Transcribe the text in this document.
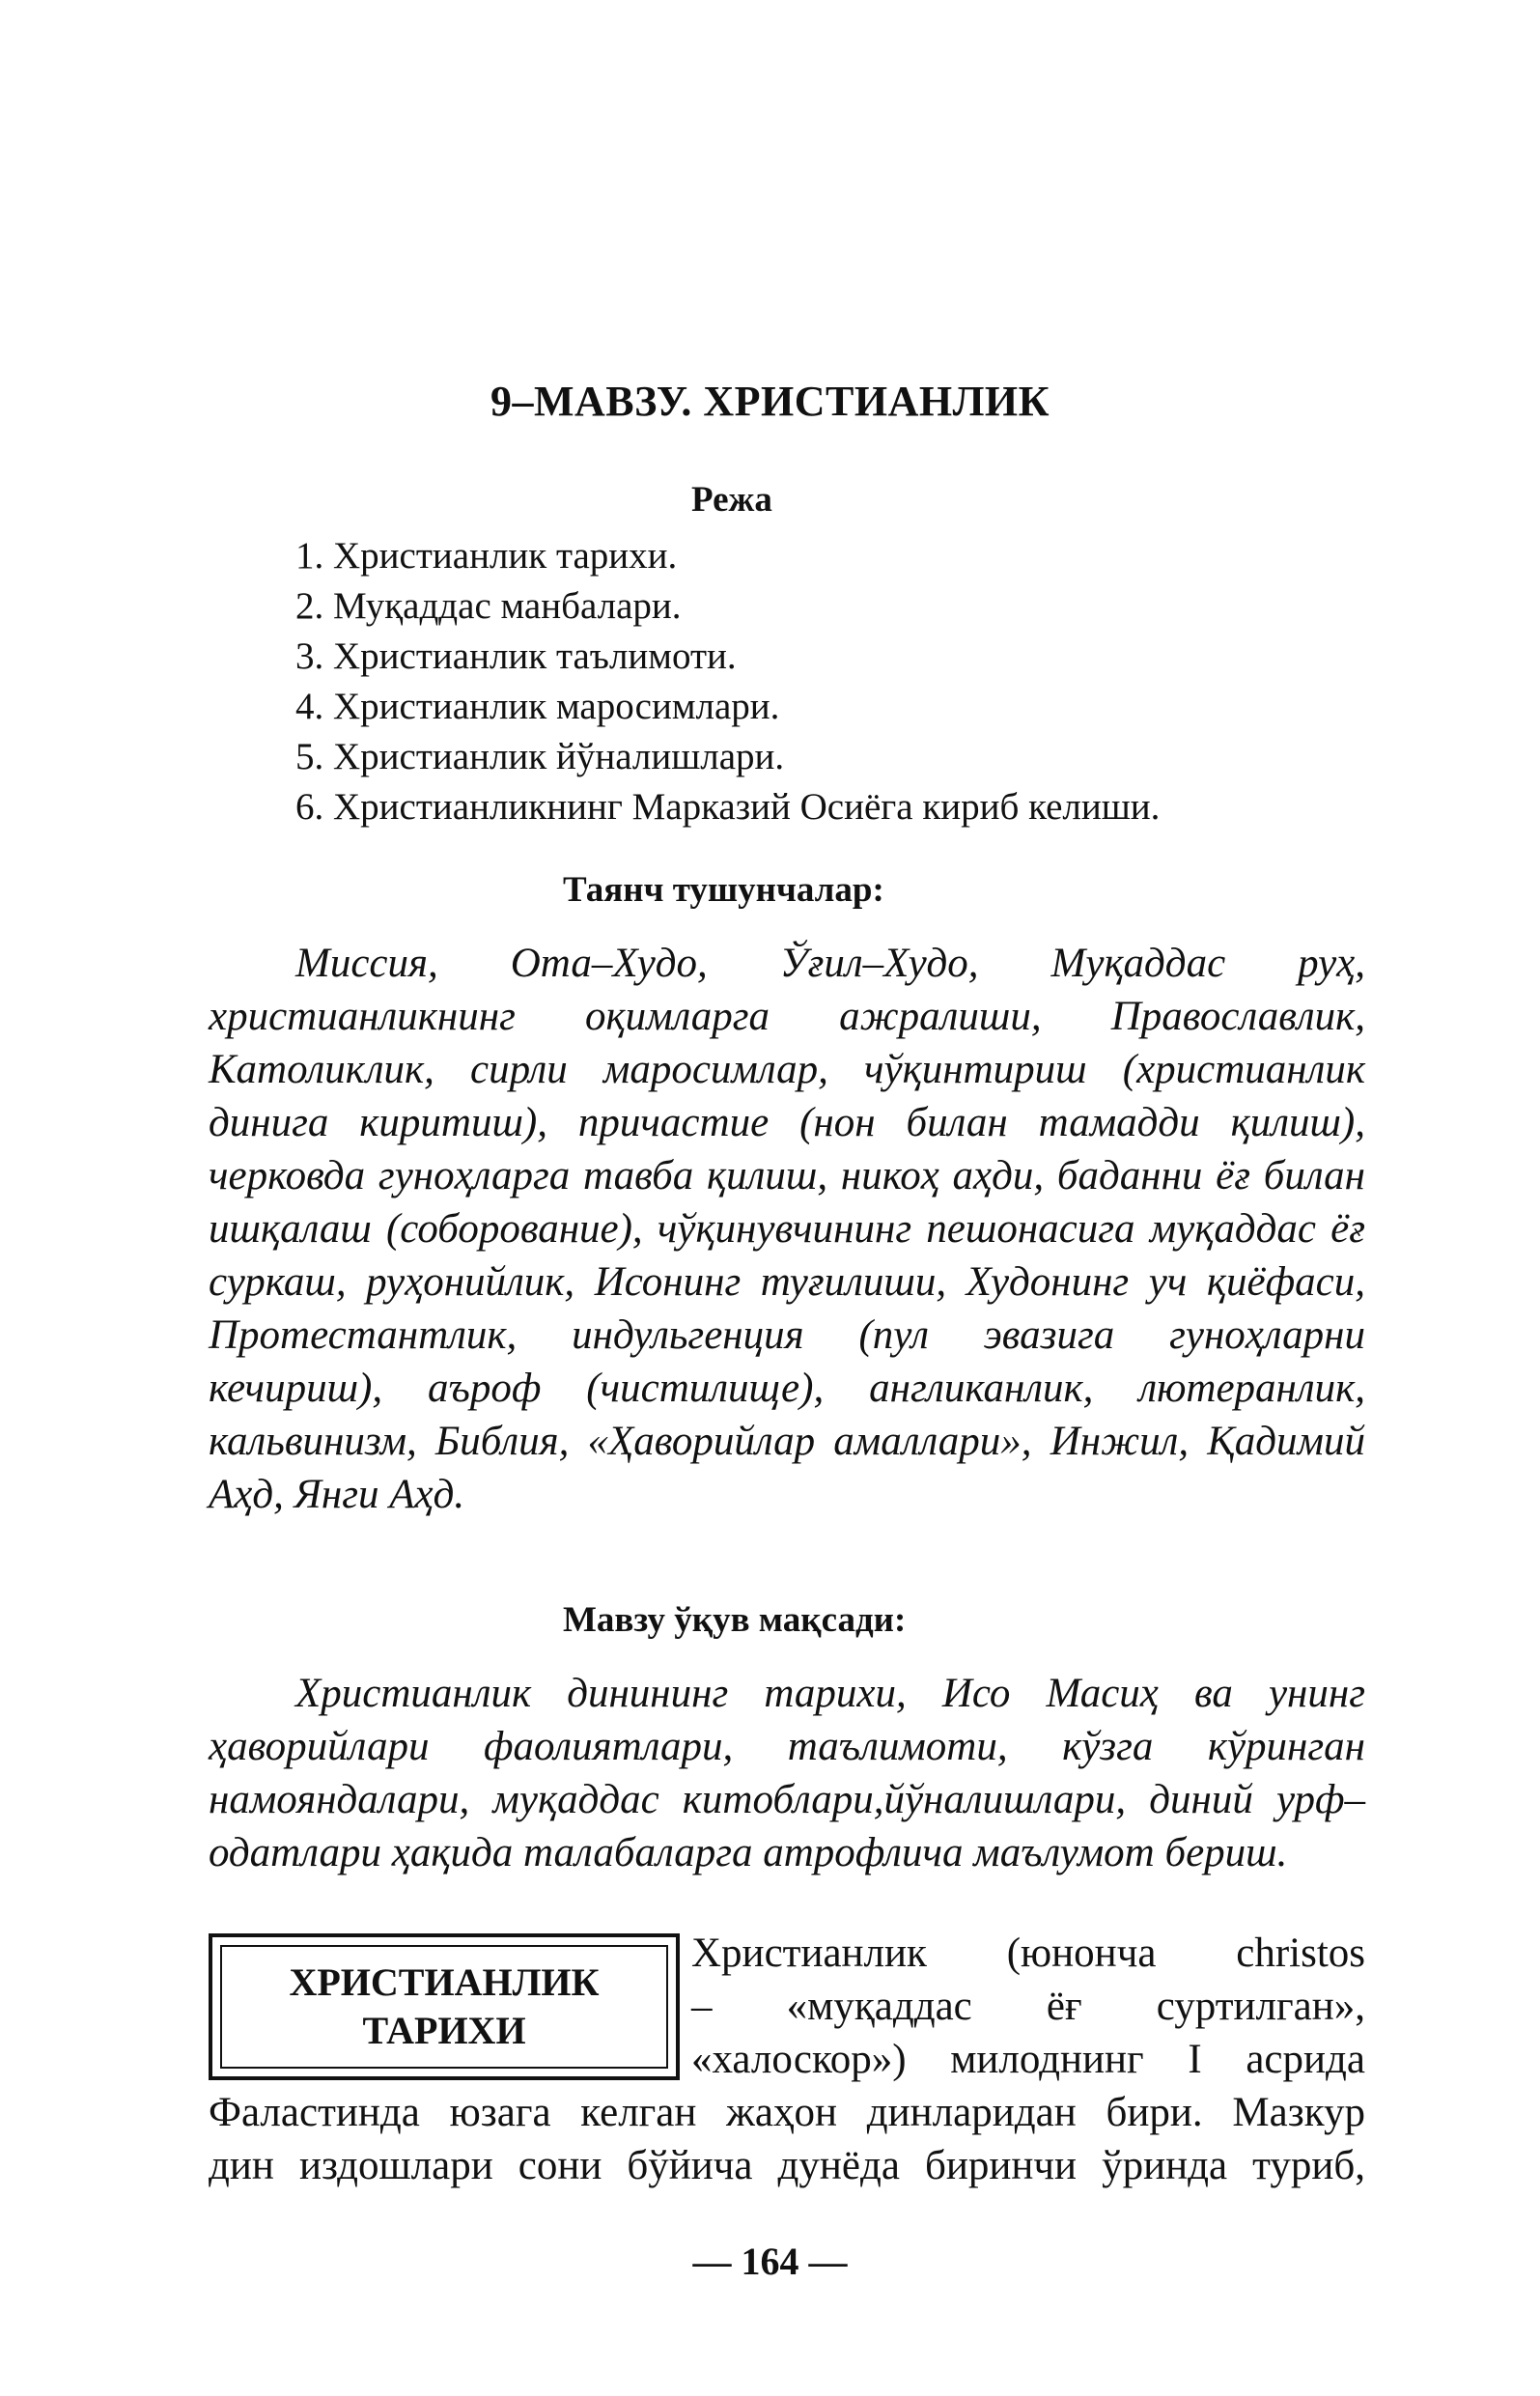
9–МАВЗУ. ХРИСТИАНЛИК
Режа
1. Христианлик тарихи.
2. Муқаддас манбалари.
3. Христианлик таълимоти.
4. Христианлик маросимлари.
5. Христианлик йўналишлари.
6. Христианликнинг Марказий Осиёга кириб келиши.
Таянч тушунчалар:

Миссия, Ота–Худо, Ўғил–Худо, Муқаддас руҳ, христианликнинг оқимларга ажралиши, Православлик, Католиклик, сирли маросимлар, чўқинтириш (христианлик динига киритиш), причастие (нон билан тамадди қилиш), черковда гуноҳларга тавба қилиш, никоҳ аҳди, баданни ёғ билан ишқалаш (соборование), чўқинувчининг пешонасига муқаддас ёғ суркаш, руҳонийлик, Исонинг туғилиши, Худонинг уч қиёфаси, Протестантлик, индульгенция (пул эвазига гуноҳларни кечириш), аъроф (чистилище), англиканлик, лютеранлик, кальвинизм, Библия, «Ҳаворийлар амаллари», Инжил, Қадимий Аҳд, Янги Аҳд.

Мавзу ўқув мақсади:

Христианлик динининг тарихи, Исо Масиҳ ва унинг ҳаворийлари фаолиятлари, таълимоти, кўзга кўринган намояндалари, муқаддас китоблари,йўналишлари, диний урф–одатлари ҳақида талабаларга атрофлича маълумот бериш.

ХРИСТИАНЛИК
ТАРИХИ
Христианлик (юнонча christos
– «муқаддас ёғ суртилган»,
«халоскор») милоднинг I асрида
Фаластинда юзага келган жаҳон динларидан бири. Мазкур
дин издошлари сони бўйича дунёда биринчи ўринда туриб,
— 164 —
